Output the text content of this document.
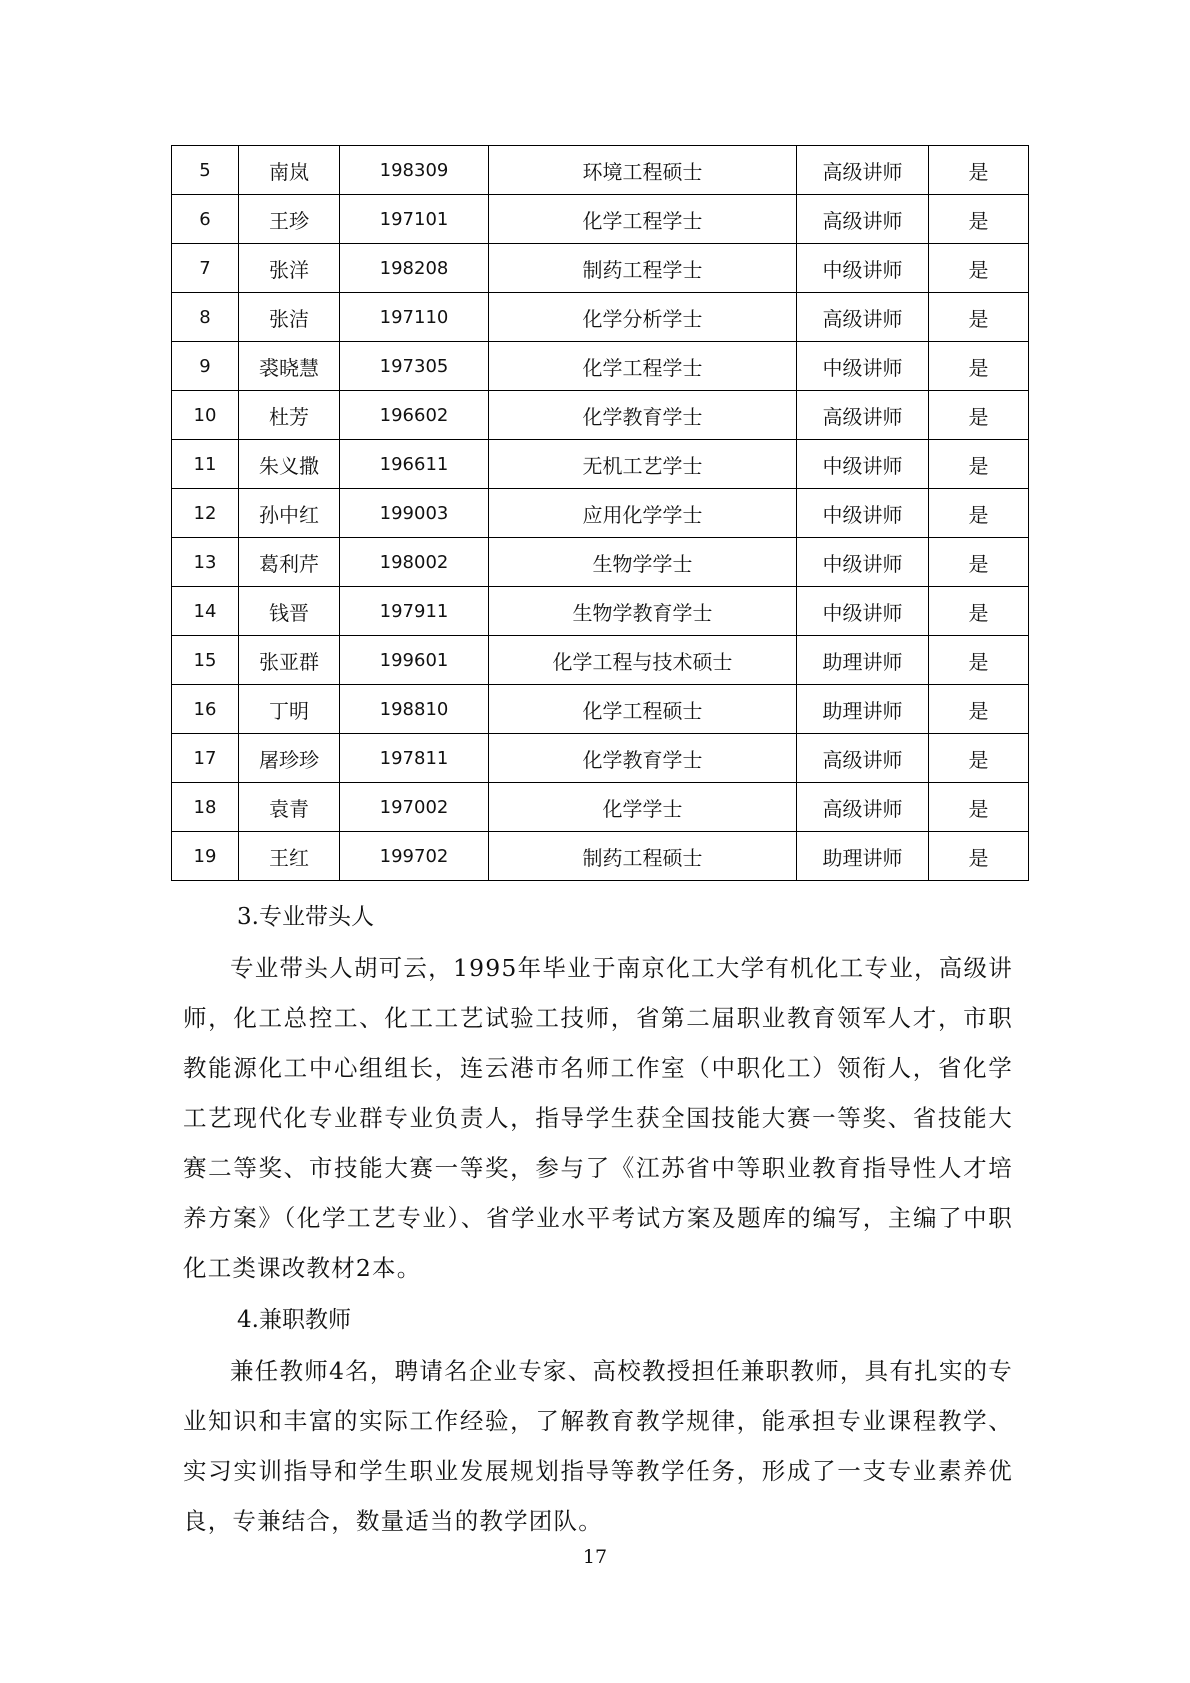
5	南岚	198309	环境工程硕士	高级讲师	是
6	王珍	197101	化学工程学士	高级讲师	是
7	张洋	198208	制药工程学士	中级讲师	是
8	张洁	197110	化学分析学士	高级讲师	是
9	裘晓慧	197305	化学工程学士	中级讲师	是
10	杜芳	196602	化学教育学士	高级讲师	是
11	朱义撒	196611	无机工艺学士	中级讲师	是
12	孙中红	199003	应用化学学士	中级讲师	是
13	葛利芹	198002	生物学学士	中级讲师	是
14	钱晋	197911	生物学教育学士	中级讲师	是
15	张亚群	199601	化学工程与技术硕士	助理讲师	是
16	丁明	198810	化学工程硕士	助理讲师	是
17	屠珍珍	197811	化学教育学士	高级讲师	是
18	袁青	197002	化学学士	高级讲师	是
19	王红	199702	制药工程硕士	助理讲师	是
3.专业带头人

专业带头人胡可云，1995年毕业于南京化工大学有机化工专业，高级讲师，化工总控工、化工工艺试验工技师，省第二届职业教育领军人才，市职教能源化工中心组组长，连云港市名师工作室（中职化工）领衔人，省化学工艺现代化专业群专业负责人，指导学生获全国技能大赛一等奖、省技能大赛二等奖、市技能大赛一等奖，参与了《江苏省中等职业教育指导性人才培养方案》（化学工艺专业）、省学业水平考试方案及题库的编写，主编了中职化工类课改教材2本。

4.兼职教师

兼任教师4名，聘请名企业专家、高校教授担任兼职教师，具有扎实的专业知识和丰富的实际工作经验，了解教育教学规律，能承担专业课程教学、实习实训指导和学生职业发展规划指导等教学任务，形成了一支专业素养优良，专兼结合，数量适当的教学团队。

17
